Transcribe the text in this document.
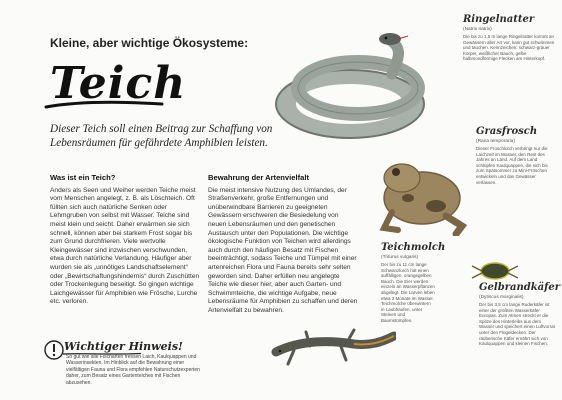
Kleine, aber wichtige Ökosysteme:
Teich
Dieser Teich soll einen Beitrag zur Schaffung von Lebensräumen für gefährdete Amphibien leisten.
Was ist ein Teich?

Anders als Seen und Weiher werden Teiche meist vom Menschen angelegt, z. B. als Löschteich. Oft füllten sich auch natürliche Senken oder Lehmgruben von selbst mit Wasser. Teiche sind meist klein und seicht. Daher erwärmen sie sich schnell, können aber bei starkem Frost sogar bis zum Grund durchfrieren. Viele wertvolle Kleingewässer sind inzwischen verschwunden, etwa durch natürliche Verlandung. Häufiger aber wurden sie als „unnötiges Landschaftselement“ oder „Bewirtschaftungshindernis“ durch Zuschütten oder Trockenlegung beseitigt. So gingen wichtige Laichgewässer für Amphibien wie Frösche, Lurche etc. verloren.

Bewahrung der Artenvielfalt

Die meist intensive Nutzung des Umlandes, der Straßenverkehr, große Entfernungen und unüberwindbare Barrieren zu geeigneten Gewässern erschweren die Besiedelung von neuen Lebensräumen und den genetischen Austausch unter den Populationen. Die wichtige ökologische Funktion von Teichen wird allerdings auch durch den häufigen Besatz mit Fischen beeinträchtigt, sodass Teiche und Tümpel mit einer artenreichen Flora und Fauna bereits sehr selten geworden sind. Daher erfüllen neu angelegte Teiche wie dieser hier, aber auch Garten- und Schwimmteiche, die wichtige Aufgabe, neue Lebensräume für Amphibien zu schaffen und deren Artenvielfalt zu bewahren.

Wichtiger Hinweis!
So gut wie alle Fischarten fressen Laich, Kaulquappen und Wasserinsekten. Im Hinblick auf die Bewahrung einer vielfältigen Fauna und Flora empfehlen Naturschutzexperten daher, zum Besatz eines Gartenteiches mit Fischen abzusehen.
Ringelnatter
(Natrix natrix)
Die bis zu 1,5 m lange Ringelnatter kommt an Gewässern aller Art vor, kann gut schwimmen und tauchen. Kennzeichen: schwarz-grauer Körper, weißlicher Bauch, gelbe halbmondförmige Flecken am Hinterkopf.
Grasfrosch
(Rana temporaria)
Dieser Froschlurch verbringt nur die Laichzeit im Wasser, den Rest des Jahres an Land. Auf dem Land schlüpfen Kaulquappen, die sich bis zum Spätsommer zu Mini-Fröschen entwickeln und das Gewässer verlassen.
Teichmolch
(Triturus vulgaris)
Der bis zu 11 cm lange Schwanzlurch hat einen auffälligen, orangegelben Bauch. Die Eier werden einzeln an Wasserpflanzen abgelegt. Die Larven leben etwa 3 Monate im Wasser. Teichmolche überwintern in Laubhaufen, unter Steinen und Baumstümpfen.
Gelbrandkäfer
(Dytiscus marginalis)
Der bis 3,5 cm lange Ruderkäfer ist einer der größten Wasserkäfer Europas. Zum Atmen streckt er die Spitze des Hinterleibs aus dem Wasser und speichert einen Luftvorrat unter den Flügeldecken. Der räuberische Käfer ernährt sich von Kaulquappen und kleinen Fischen.
